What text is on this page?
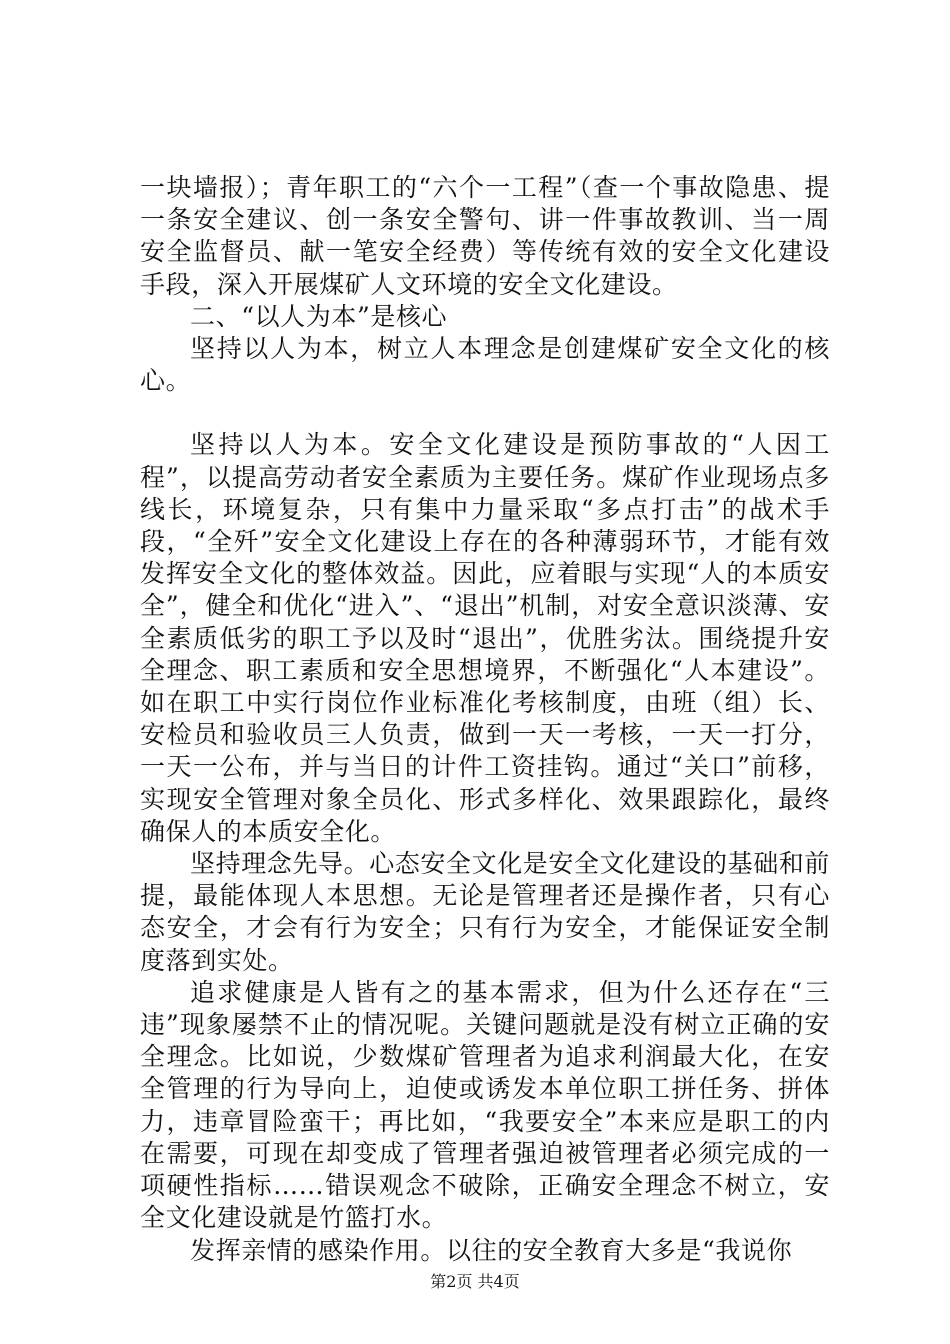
一块墙报）；青年职工的“六个一工程”（查一个事故隐患、提一条安全建议、创一条安全警句、讲一件事故教训、当一周安全监督员、献一笔安全经费）等传统有效的安全文化建设手段，深入开展煤矿人文环境的安全文化建设。

二、“以人为本”是核心

坚持以人为本，树立人本理念是创建煤矿安全文化的核心。

坚持以人为本。安全文化建设是预防事故的“人因工程”，以提高劳动者安全素质为主要任务。煤矿作业现场点多线长，环境复杂，只有集中力量采取“多点打击”的战术手段，“全歼”安全文化建设上存在的各种薄弱环节，才能有效发挥安全文化的整体效益。因此，应着眼与实现“人的本质安全”，健全和优化“进入”、“退出”机制，对安全意识淡薄、安全素质低劣的职工予以及时“退出”，优胜劣汰。围绕提升安全理念、职工素质和安全思想境界，不断强化“人本建设”。如在职工中实行岗位作业标准化考核制度，由班（组）长、安检员和验收员三人负责，做到一天一考核，一天一打分，一天一公布，并与当日的计件工资挂钩。通过“关口”前移，实现安全管理对象全员化、形式多样化、效果跟踪化，最终确保人的本质安全化。

坚持理念先导。心态安全文化是安全文化建设的基础和前提，最能体现人本思想。无论是管理者还是操作者，只有心态安全，才会有行为安全；只有行为安全，才能保证安全制度落到实处。

追求健康是人皆有之的基本需求，但为什么还存在“三违”现象屡禁不止的情况呢。关键问题就是没有树立正确的安全理念。比如说，少数煤矿管理者为追求利润最大化，在安全管理的行为导向上，迫使或诱发本单位职工拼任务、拼体力，违章冒险蛮干；再比如，“我要安全”本来应是职工的内在需要，可现在却变成了管理者强迫被管理者必须完成的一项硬性指标……错误观念不破除，正确安全理念不树立，安全文化建设就是竹篮打水。

发挥亲情的感染作用。以往的安全教育大多是“我说你

第2页 共4页
